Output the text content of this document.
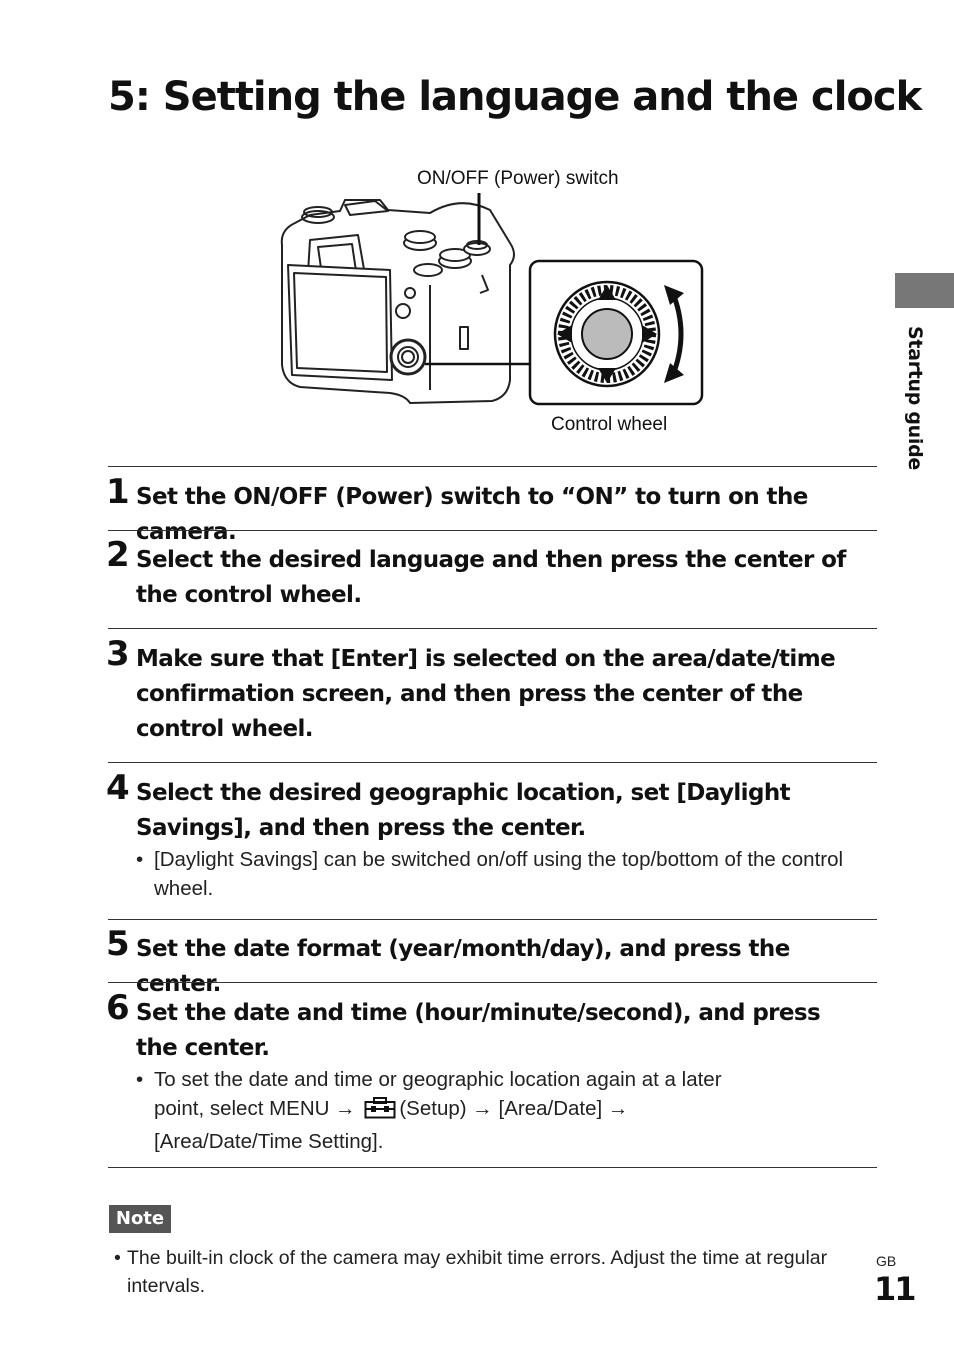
5: Setting the language and the clock
ON/OFF (Power) switch
Control wheel	Startup guide
1 Set the ON/OFF (Power) switch to “ON” to turn on the camera.
2 Select the desired language and then press the center of the control wheel.
3 Make sure that [Enter] is selected on the area/date/time confirmation screen, and then press the center of the control wheel.
4 Select the desired geographic location, set [Daylight Savings], and then press the center.
• [Daylight Savings] can be switched on/off using the top/bottom of the control wheel.
5 Set the date format (year/month/day), and press the center.
6 Set the date and time (hour/minute/second), and press the center.
• To set the date and time or geographic location again at a later point, select MENU → (Setup) → [Area/Date] → [Area/Date/Time Setting].
Note
• The built-in clock of the camera may exhibit time errors. Adjust the time at regular intervals.
GB
11
